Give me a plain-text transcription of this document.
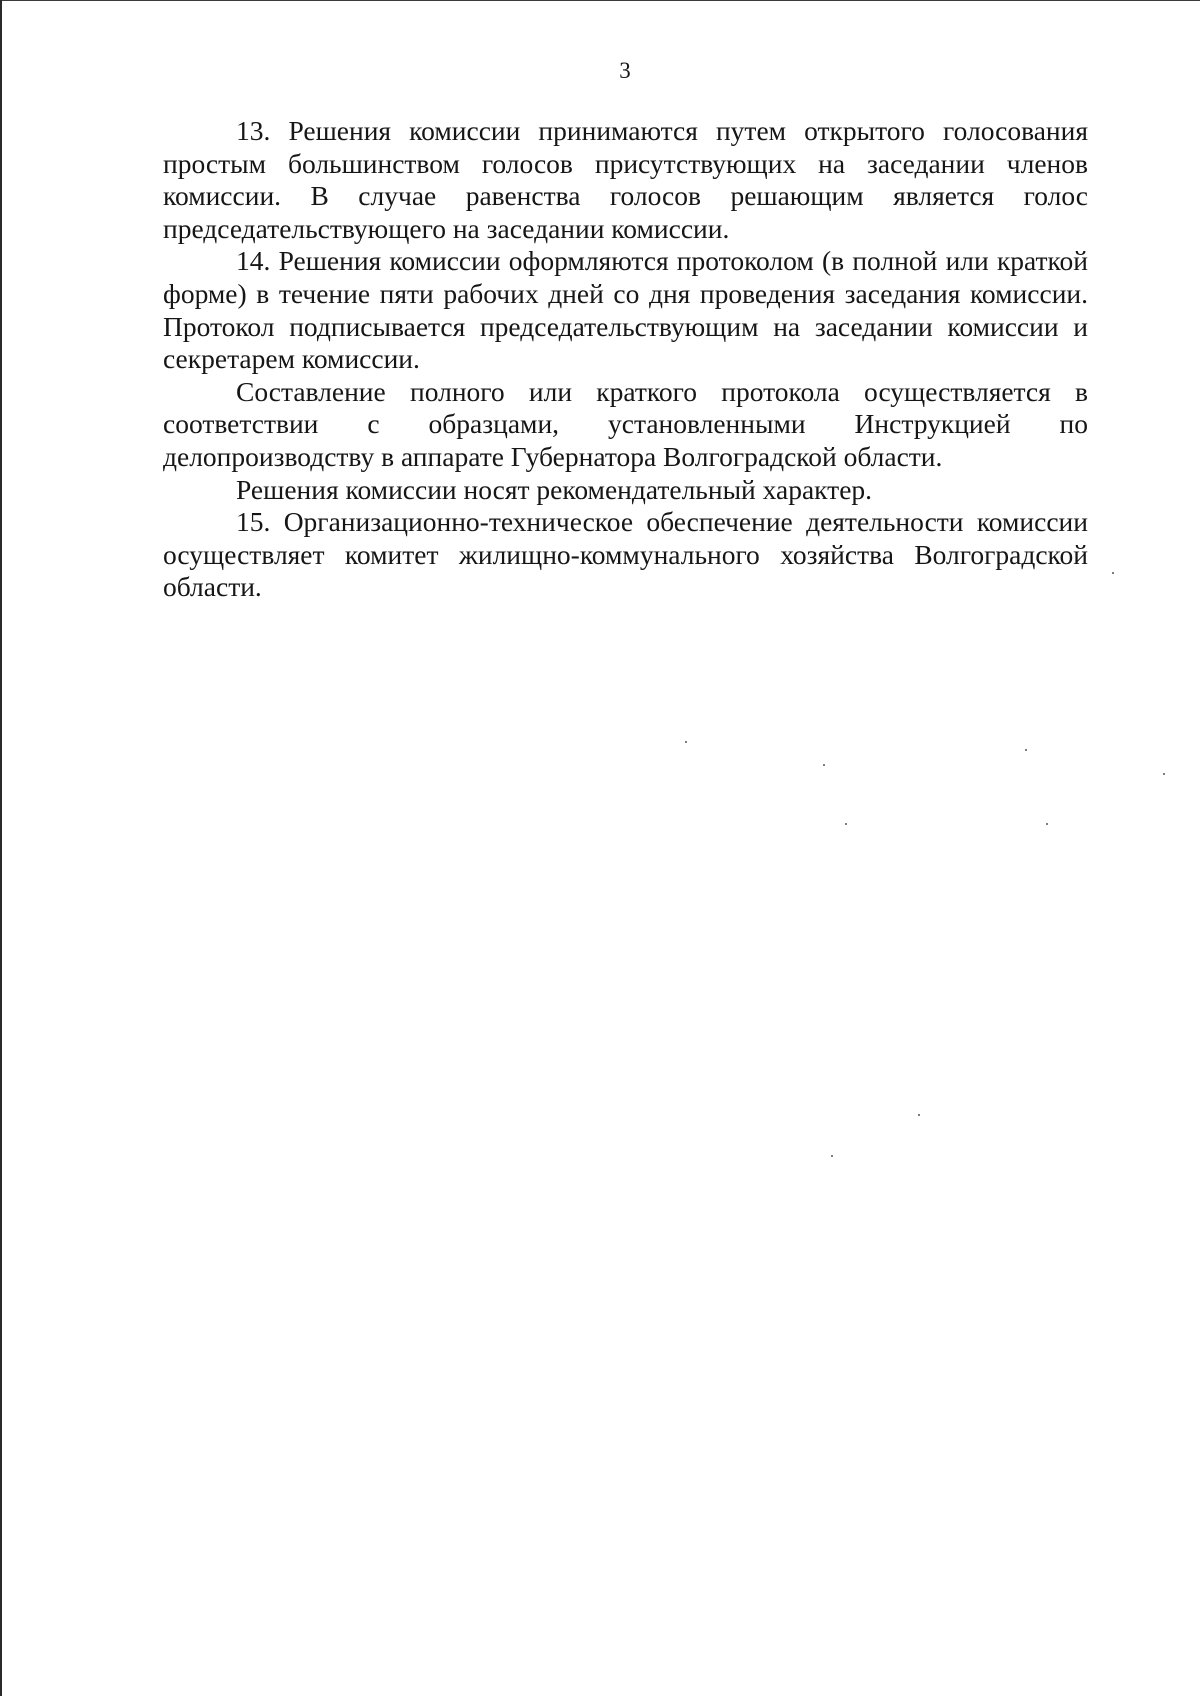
3

13. Решения комиссии принимаются путем открытого голосования простым большинством голосов присутствующих на заседании членов комиссии. В случае равенства голосов решающим является голос председательствующего на заседании комиссии.

14. Решения комиссии оформляются протоколом (в полной или краткой форме) в течение пяти рабочих дней со дня проведения заседания комиссии. Протокол подписывается председательствующим на заседании комиссии и секретарем комиссии.

Составление полного или краткого протокола осуществляется в соответствии с образцами, установленными Инструкцией по делопроизводству в аппарате Губернатора Волгоградской области.

Решения комиссии носят рекомендательный характер.

15. Организационно-техническое обеспечение деятельности комиссии осуществляет комитет жилищно-коммунального хозяйства Волгоградской области.
